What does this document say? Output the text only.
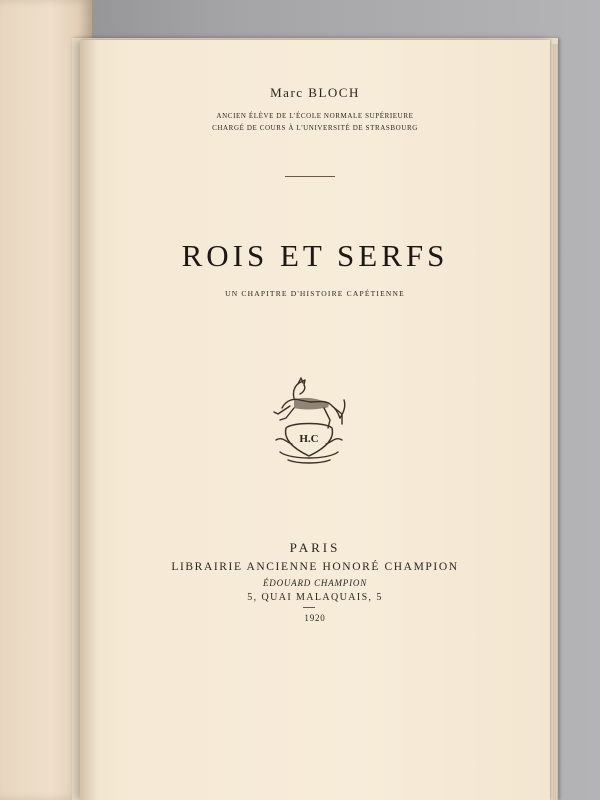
Marc BLOCH
ANCIEN ÉLÈVE DE L'ÉCOLE NORMALE SUPÉRIEURE
CHARGÉ DE COURS À L'UNIVERSITÉ DE STRASBOURG
ROIS ET SERFS
UN CHAPITRE D'HISTOIRE CAPÉTIENNE
H.C
PARIS
LIBRAIRIE ANCIENNE HONORÉ CHAMPION
ÉDOUARD CHAMPION
5, QUAI MALAQUAIS, 5
1920
